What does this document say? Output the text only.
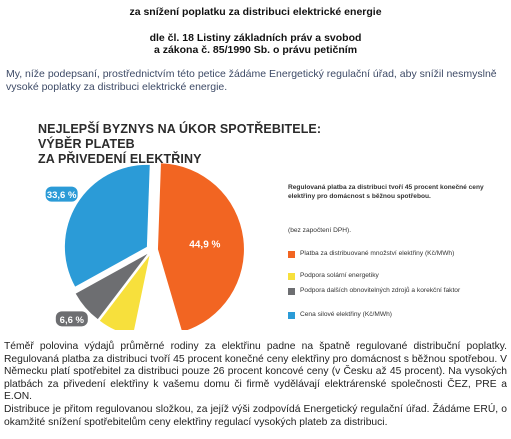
za snížení poplatku za distribuci elektrické energie
dle čl. 18 Listiny základních práv a svobod
a zákona č. 85/1990 Sb. o právu petičním
My, níže podepsaní, prostřednictvím této petice žádáme Energetický regulační úřad, aby snížil nesmyslně vysoké poplatky za distribuci elektrické energie.
NEJLEPŠÍ BYZNYS NA ÚKOR SPOTŘEBITELE: VÝBĚR PLATEB
ZA PŘIVEDENÍ ELEKTŘINY
44,9 %
6,6 %
33,6 %
Regulovaná platba za distribuci tvoří 45 procent konečné ceny elektřiny pro domácnost s běžnou spotřebou.
(bez započtení DPH).
Platba za distribuované množství elektřiny (Kč/MWh)
Podpora solární energetiky
Podpora dalších obnovitelných zdrojů a korekční faktor
Cena silové elektřiny (Kč/MWh)

Téměř polovina výdajů průměrné rodiny za elektřinu padne na špatně regulované distribuční poplatky. Regulovaná platba za distribuci tvoří 45 procent konečné ceny elektřiny pro domácnost s běžnou spotřebou. V Německu platí spotřebitel za distribuci pouze 26 procent koncové ceny (v Česku až 45 procent). Na vysokých platbách za přivedení elektřiny k vašemu domu či firmě vydělávají elektrárenské společnosti ČEZ, PRE a E.ON.

Distribuce je přitom regulovanou složkou, za jejíž výši zodpovídá Energetický regulační úřad. Žádáme ERÚ, o okamžité snížení spotřebitelům ceny elektřiny regulací vysokých plateb za distribuci.
